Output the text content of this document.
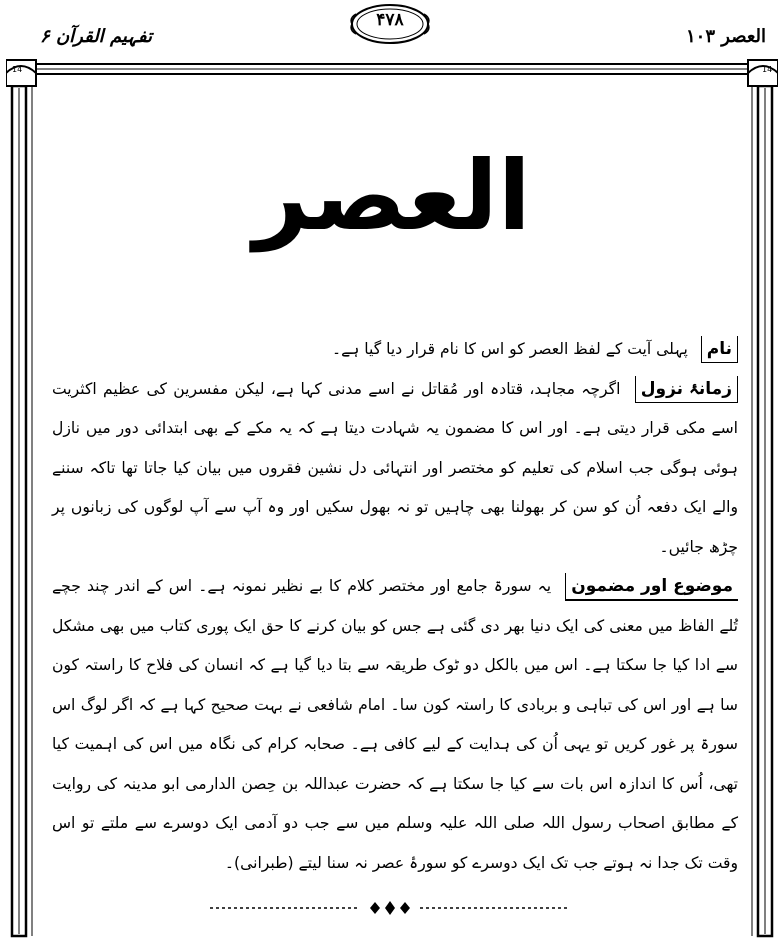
العصر ۱۰۳
۴۷۸
تفہیم القرآن ۶
14	14
العصر

نام پہلی آیت کے لفظ العصر کو اس کا نام قرار دیا گیا ہے۔

زمانۂ نزول اگرچہ مجاہد، قتادہ اور مُقاتل نے اسے مدنی کہا ہے، لیکن مفسرین کی عظیم اکثریت اسے مکی قرار دیتی ہے۔ اور اس کا مضمون یہ شہادت دیتا ہے کہ یہ مکے کے بھی ابتدائی دور میں نازل ہوئی ہوگی جب اسلام کی تعلیم کو مختصر اور انتہائی دل نشین فقروں میں بیان کیا جاتا تھا تاکہ سننے والے ایک دفعہ اُن کو سن کر بھولنا بھی چاہیں تو نہ بھول سکیں اور وہ آپ سے آپ لوگوں کی زبانوں پر چڑھ جائیں۔

موضوع اور مضمون یہ سورۃ جامع اور مختصر کلام کا بے نظیر نمونہ ہے۔ اس کے اندر چند جچے تُلے الفاظ میں معنی کی ایک دنیا بھر دی گئی ہے جس کو بیان کرنے کا حق ایک پوری کتاب میں بھی مشکل سے ادا کیا جا سکتا ہے۔ اس میں بالکل دو ٹوک طریقہ سے بتا دیا گیا ہے کہ انسان کی فلاح کا راستہ کون سا ہے اور اس کی تباہی و بربادی کا راستہ کون سا۔ امام شافعی نے بہت صحیح کہا ہے کہ اگر لوگ اس سورۃ پر غور کریں تو یہی اُن کی ہدایت کے لیے کافی ہے۔ صحابہ کرام کی نگاہ میں اس کی اہمیت کیا تھی، اُس کا اندازہ اس بات سے کیا جا سکتا ہے کہ حضرت عبداللہ بن حِصن الدارمی ابو مدینہ کی روایت کے مطابق اصحاب رسول اللہ صلی اللہ علیہ وسلم میں سے جب دو آدمی ایک دوسرے سے ملتے تو اس وقت تک جدا نہ ہوتے جب تک ایک دوسرے کو سورۂ عصر نہ سنا لیتے (طبرانی)۔
